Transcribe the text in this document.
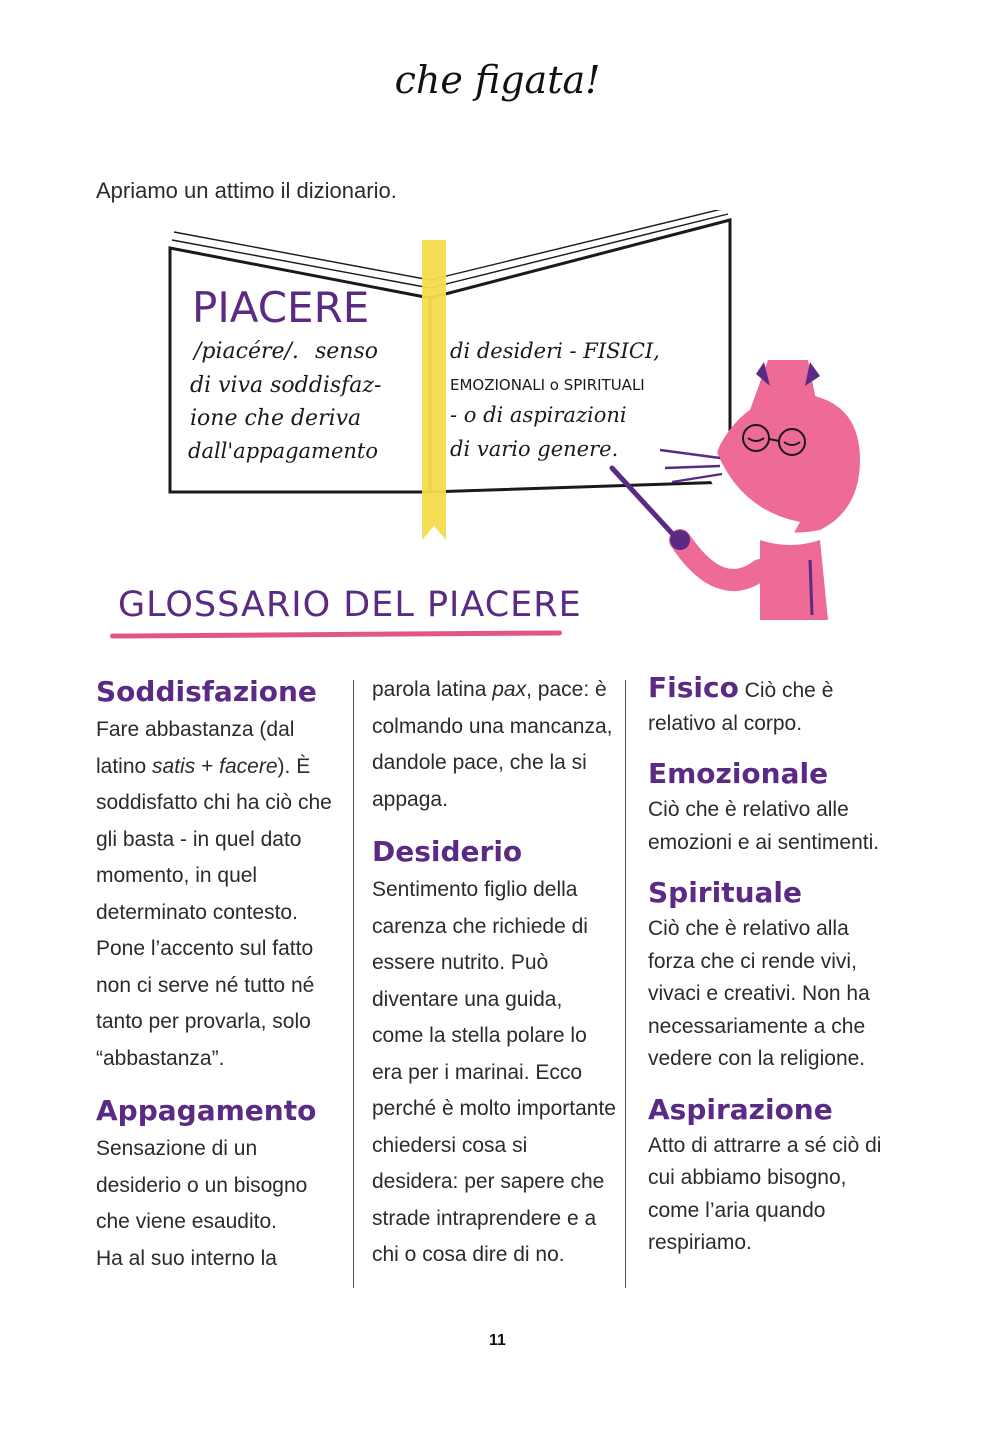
che figata!
Apriamo un attimo il dizionario.
PIACERE
/piacére/. senso
di viva soddisfaz-
ione che deriva
dall'appagamento
di desideri - FISICI,
EMOZIONALI o SPIRITUALI
- o di aspirazioni
di vario genere.
GLOSSARIO DEL PIACERE
Soddisfazione

Fare abbastanza (dal latino satis + facere). È soddisfatto chi ha ciò che gli basta - in quel dato momento, in quel determinato contesto. Pone l’accento sul fatto non ci serve né tutto né tanto per provarla, solo “abbastanza”.

Appagamento

Sensazione di un desiderio o un bisogno che viene esaudito.

Ha al suo interno la

parola latina pax, pace: è colmando una mancanza, dandole pace, che la si appaga.

Desiderio

Sentimento figlio della carenza che richiede di essere nutrito. Può diventare una guida, come la stella polare lo era per i marinai. Ecco perché è molto importante chiedersi cosa si desidera: per sapere che strade intraprendere e a chi o cosa dire di no.

Fisico Ciò che è relativo al corpo.

Emozionale

Ciò che è relativo alle emozioni e ai sentimenti.

Spirituale

Ciò che è relativo alla forza che ci rende vivi, vivaci e creativi. Non ha necessariamente a che vedere con la religione.

Aspirazione

Atto di attrarre a sé ciò di cui abbiamo bisogno, come l’aria quando respiriamo.

11
